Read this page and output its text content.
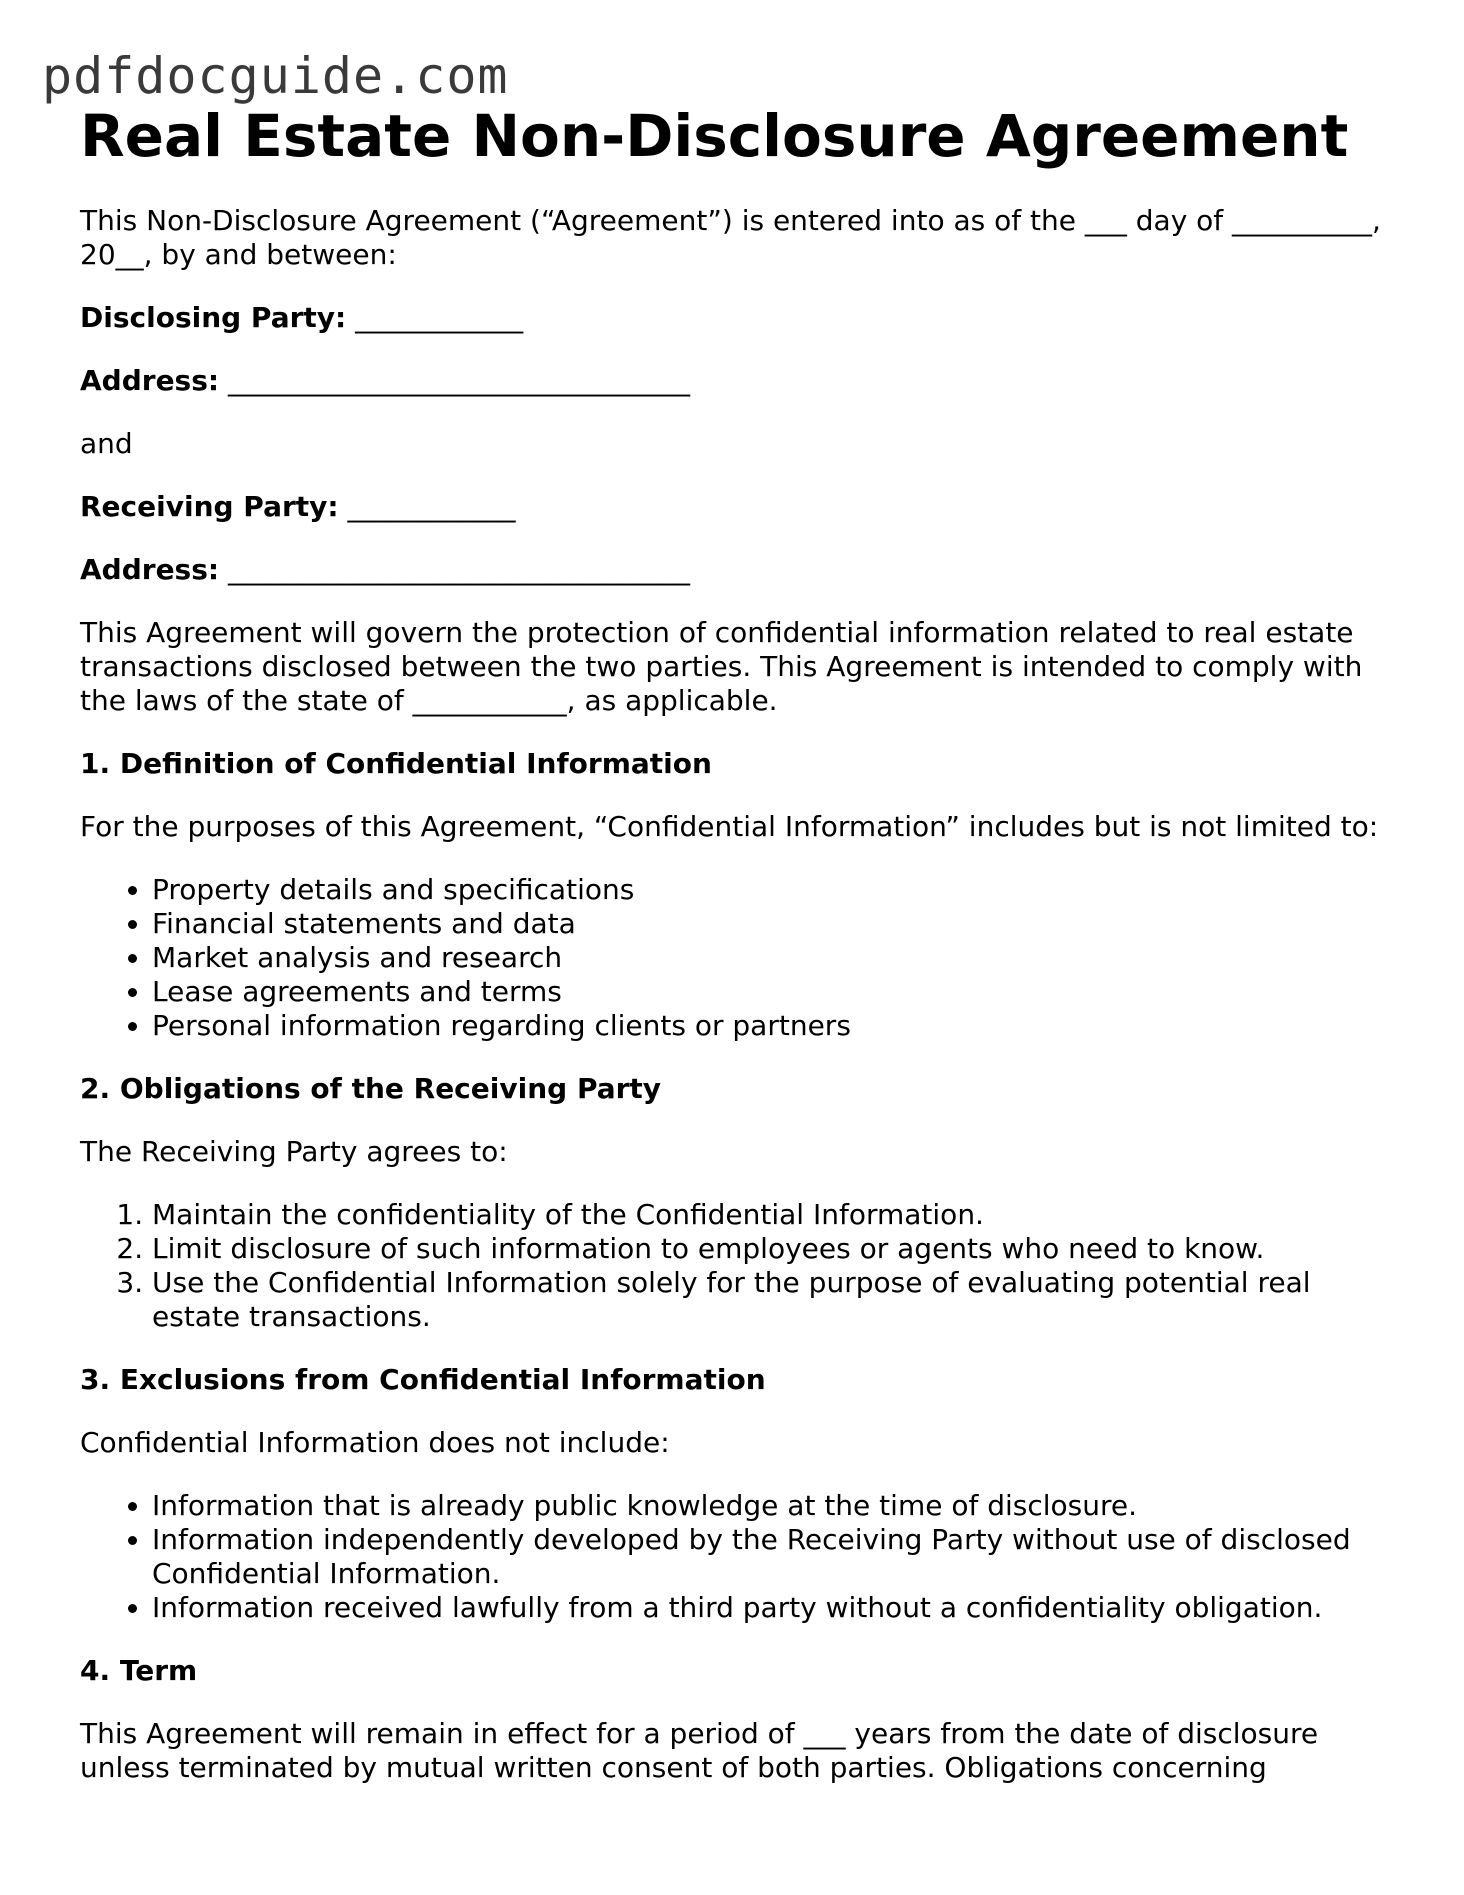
pdfdocguide.com
Real Estate Non-Disclosure Agreement

This Non-Disclosure Agreement (“Agreement”) is entered into as of the ___ day of __________, 20__, by and between:

Disclosing Party: ____________

Address: _________________________________

and

Receiving Party: ____________

Address: _________________________________

This Agreement will govern the protection of confidential information related to real estate transactions disclosed between the two parties. This Agreement is intended to comply with the laws of the state of ___________, as applicable.

1. Definition of Confidential Information

For the purposes of this Agreement, “Confidential Information” includes but is not limited to:

• Property details and specifications
• Financial statements and data
• Market analysis and research
• Lease agreements and terms
• Personal information regarding clients or partners
2. Obligations of the Receiving Party

The Receiving Party agrees to:

1. Maintain the confidentiality of the Confidential Information.
2. Limit disclosure of such information to employees or agents who need to know.
3. Use the Confidential Information solely for the purpose of evaluating potential real estate transactions.
3. Exclusions from Confidential Information

Confidential Information does not include:

• Information that is already public knowledge at the time of disclosure.
• Information independently developed by the Receiving Party without use of disclosed Confidential Information.
• Information received lawfully from a third party without a confidentiality obligation.
4. Term

This Agreement will remain in effect for a period of ___ years from the date of disclosure unless terminated by mutual written consent of both parties. Obligations concerning
